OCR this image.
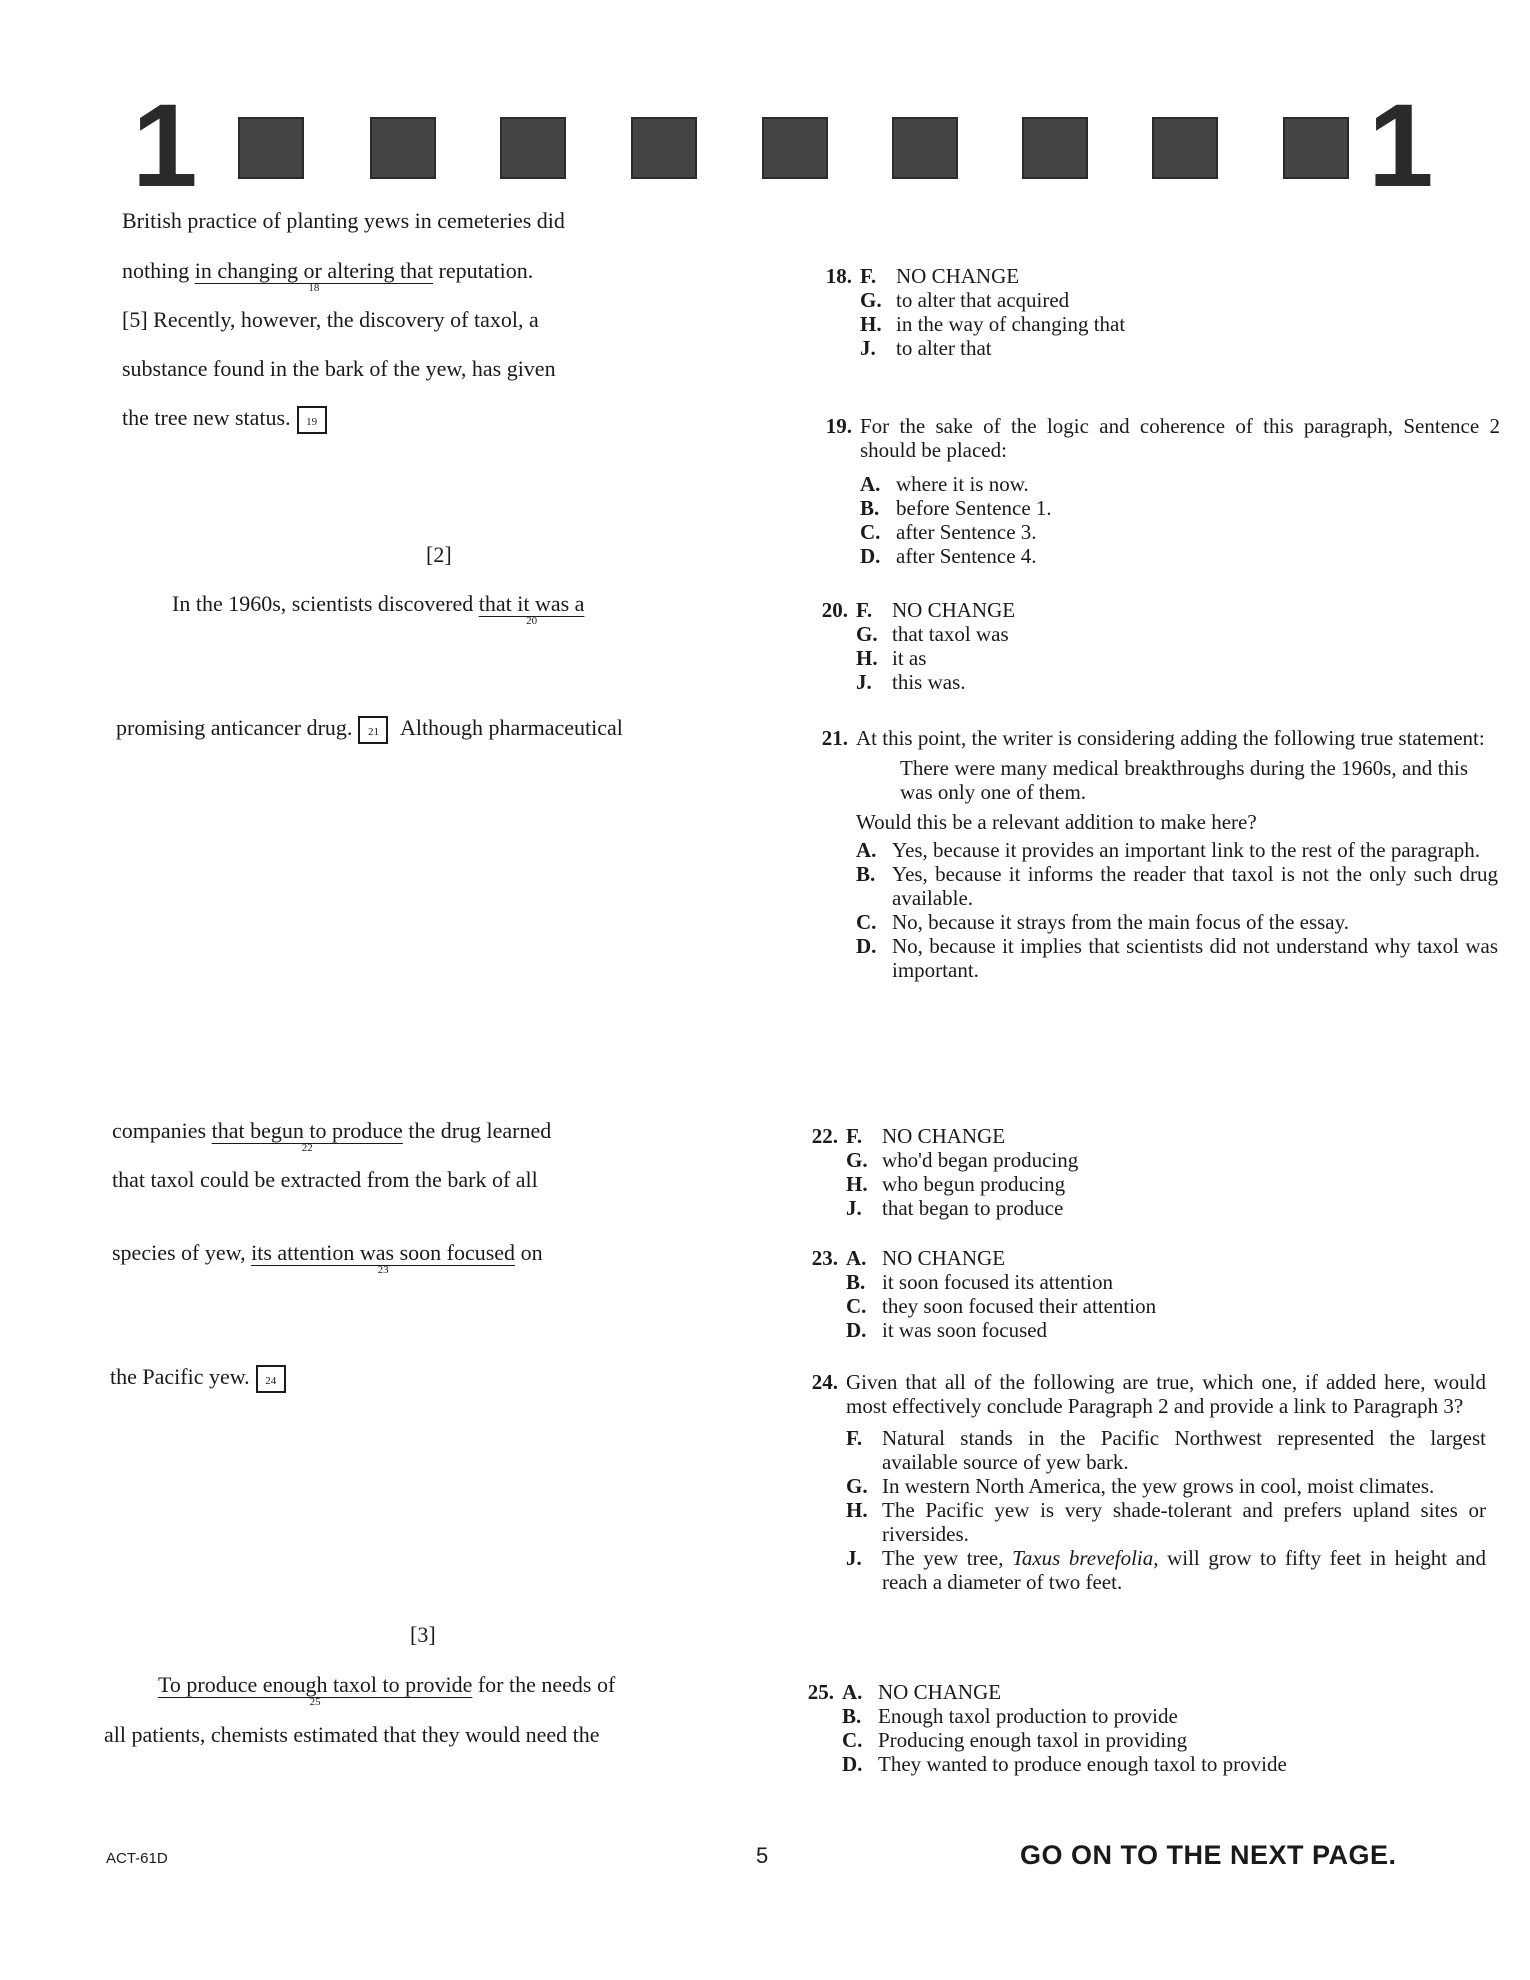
1	1
British practice of planting yews in cemeteries did
nothing in changing or altering that
18
reputation.
[5] Recently, however, the discovery of taxol, a
substance found in the bark of the yew, has given
the tree new status. 19
[2]
In the 1960s, scientists discovered that it was a
20
promising anticancer drug. 21 Although pharmaceutical
companies that begun to produce
22
the drug learned
that taxol could be extracted from the bark of all
species of yew, its attention was soon focused
23
on
the Pacific yew. 24
[3]
To produce enough taxol to provide
25
for the needs of
all patients, chemists estimated that they would need the
18. F. NO CHANGE
G. to alter that acquired
H. in the way of changing that
J. to alter that
19. For the sake of the logic and coherence of this paragraph, Sentence 2 should be placed:
A. where it is now.
B. before Sentence 1.
C. after Sentence 3.
D. after Sentence 4.
20. F. NO CHANGE
G. that taxol was
H. it as
J. this was.
21. At this point, the writer is considering adding the following true statement:
There were many medical breakthroughs during the 1960s, and this was only one of them.
Would this be a relevant addition to make here?
A. Yes, because it provides an important link to the rest of the paragraph.
B. Yes, because it informs the reader that taxol is not the only such drug available.
C. No, because it strays from the main focus of the essay.
D. No, because it implies that scientists did not understand why taxol was important.
22. F. NO CHANGE
G. who'd began producing
H. who begun producing
J. that began to produce
23. A. NO CHANGE
B. it soon focused its attention
C. they soon focused their attention
D. it was soon focused
24. Given that all of the following are true, which one, if added here, would most effectively conclude Paragraph 2 and provide a link to Paragraph 3?
F. Natural stands in the Pacific Northwest represented the largest available source of yew bark.
G. In western North America, the yew grows in cool, moist climates.
H. The Pacific yew is very shade-tolerant and prefers upland sites or riversides.
J. The yew tree, Taxus brevefolia, will grow to fifty feet in height and reach a diameter of two feet.
25. A. NO CHANGE
B. Enough taxol production to provide
C. Producing enough taxol in providing
D. They wanted to produce enough taxol to provide
ACT-61D	5	GO ON TO THE NEXT PAGE.
